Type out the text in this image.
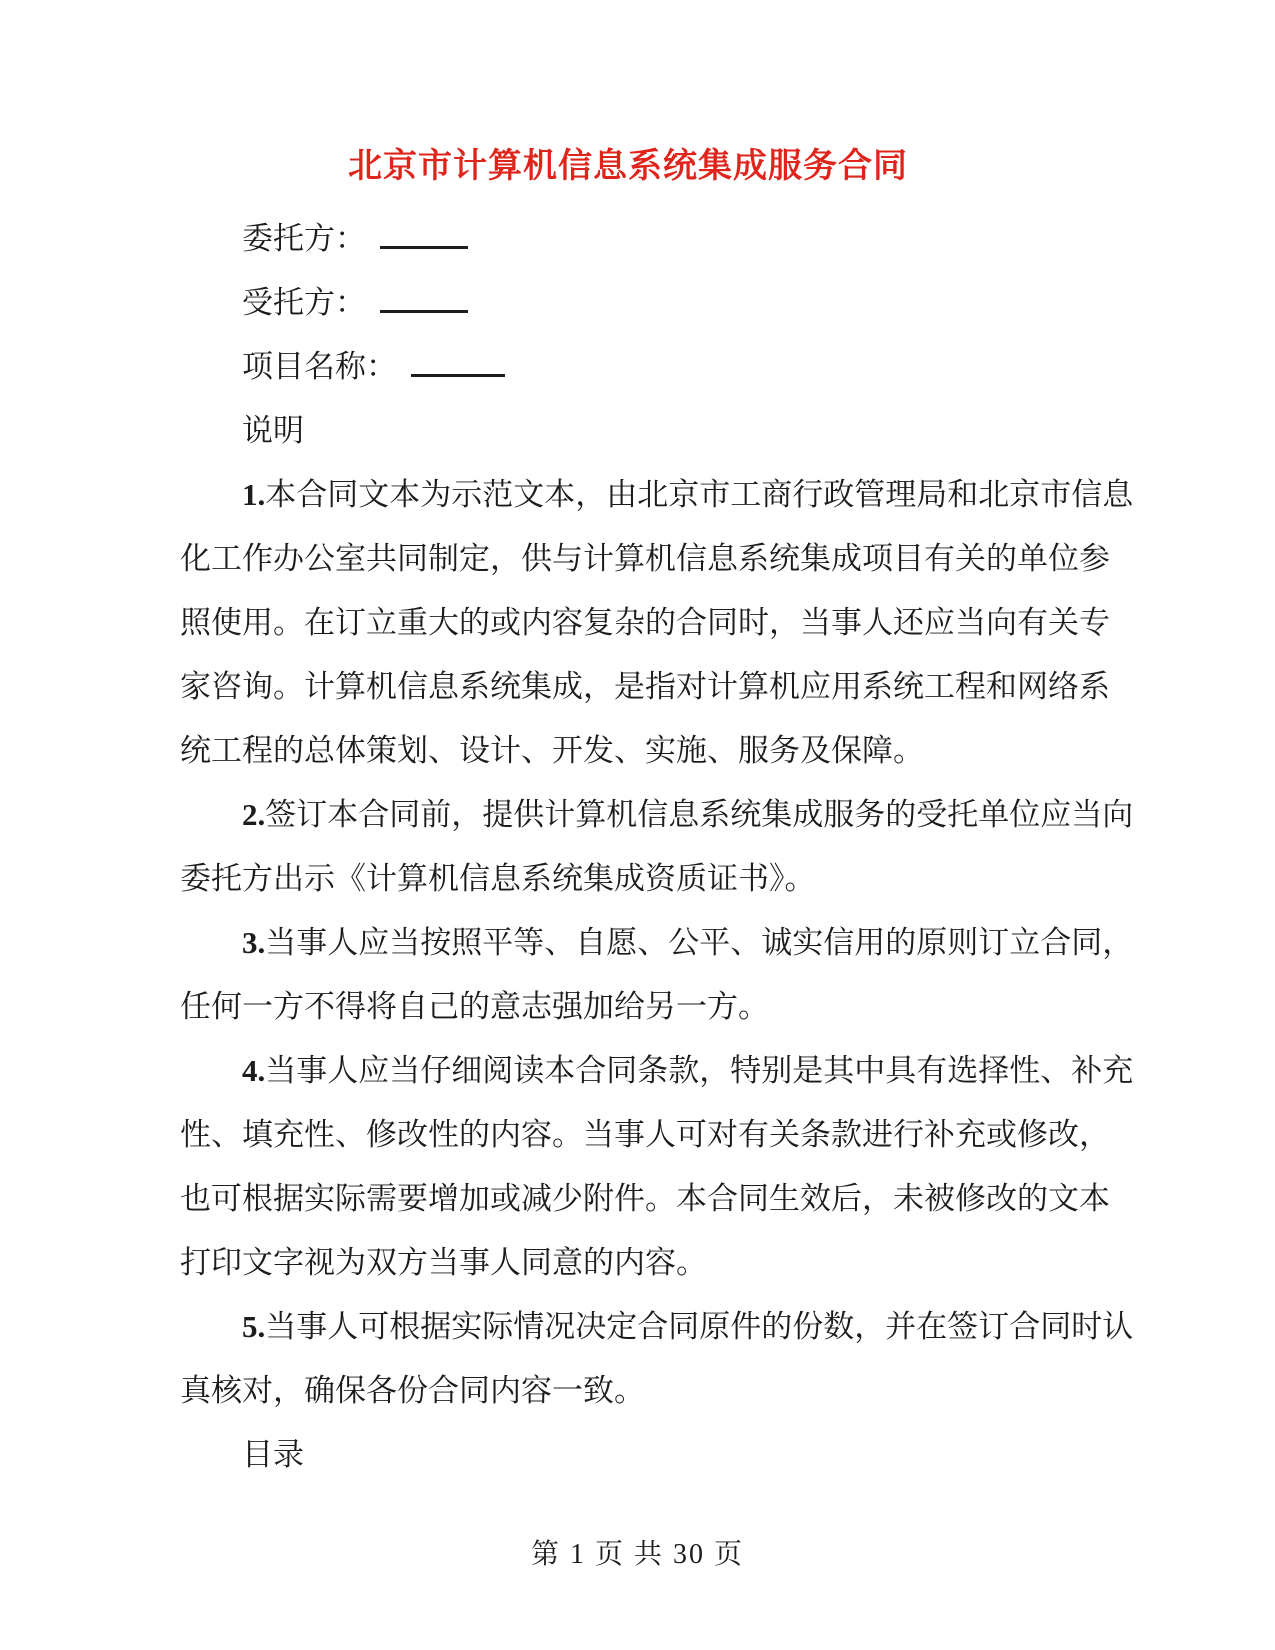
北京市计算机信息系统集成服务合同
委托方：
受托方：
项目名称：
说明
1.本合同文本为示范文本，由北京市工商行政管理局和北京市信息
化工作办公室共同制定，供与计算机信息系统集成项目有关的单位参
照使用。在订立重大的或内容复杂的合同时，当事人还应当向有关专
家咨询。计算机信息系统集成，是指对计算机应用系统工程和网络系
统工程的总体策划、设计、开发、实施、服务及保障。
2.签订本合同前，提供计算机信息系统集成服务的受托单位应当向
委托方出示《计算机信息系统集成资质证书》。
3.当事人应当按照平等、自愿、公平、诚实信用的原则订立合同，
任何一方不得将自己的意志强加给另一方。
4.当事人应当仔细阅读本合同条款，特别是其中具有选择性、补充
性、填充性、修改性的内容。当事人可对有关条款进行补充或修改，
也可根据实际需要增加或减少附件。本合同生效后，未被修改的文本
打印文字视为双方当事人同意的内容。
5.当事人可根据实际情况决定合同原件的份数，并在签订合同时认
真核对，确保各份合同内容一致。
目录
第 1 页 共 30 页
